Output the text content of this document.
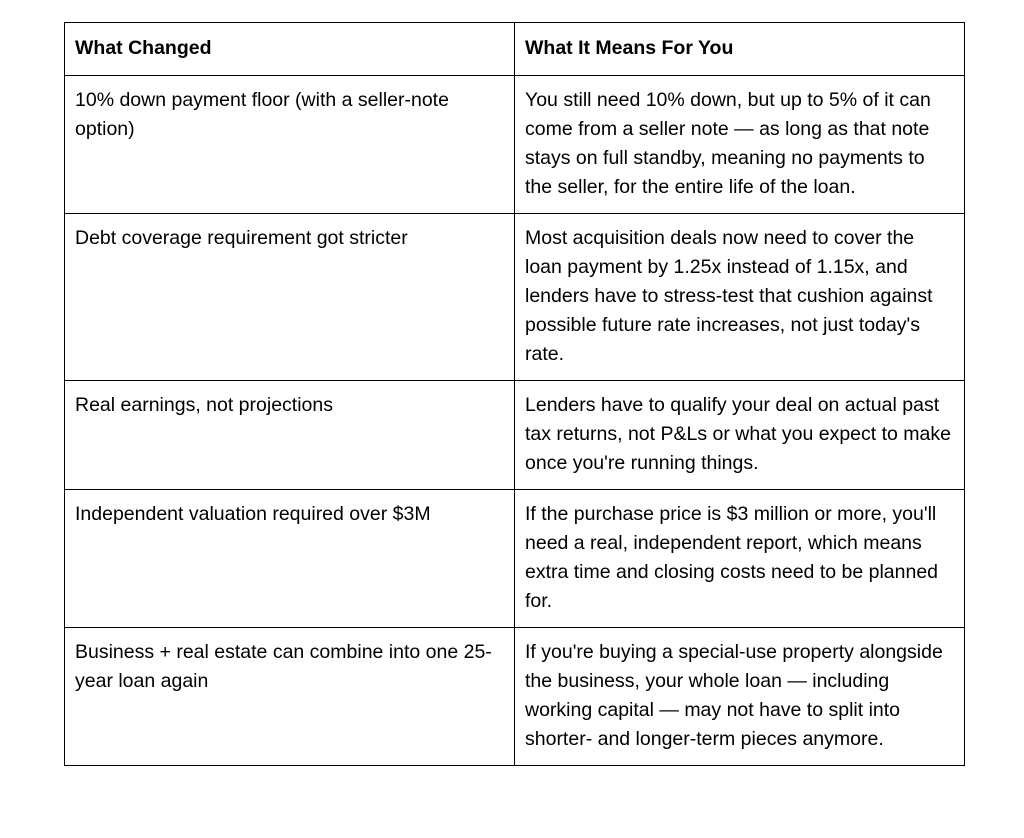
What Changed	What It Means For You
10% down payment floor (with a seller-note option)	You still need 10% down, but up to 5% of it can come from a seller note — as long as that note stays on full standby, meaning no payments to the seller, for the entire life of the loan.
Debt coverage requirement got stricter	Most acquisition deals now need to cover the loan payment by 1.25x instead of 1.15x, and lenders have to stress-test that cushion against possible future rate increases, not just today's rate.
Real earnings, not projections	Lenders have to qualify your deal on actual past tax returns, not P&Ls or what you expect to make once you're running things.
Independent valuation required over $3M	If the purchase price is $3 million or more, you'll need a real, independent report, which means extra time and closing costs need to be planned for.
Business + real estate can combine into one 25-year loan again	If you're buying a special-use property alongside the business, your whole loan — including working capital — may not have to split into shorter- and longer-term pieces anymore.
